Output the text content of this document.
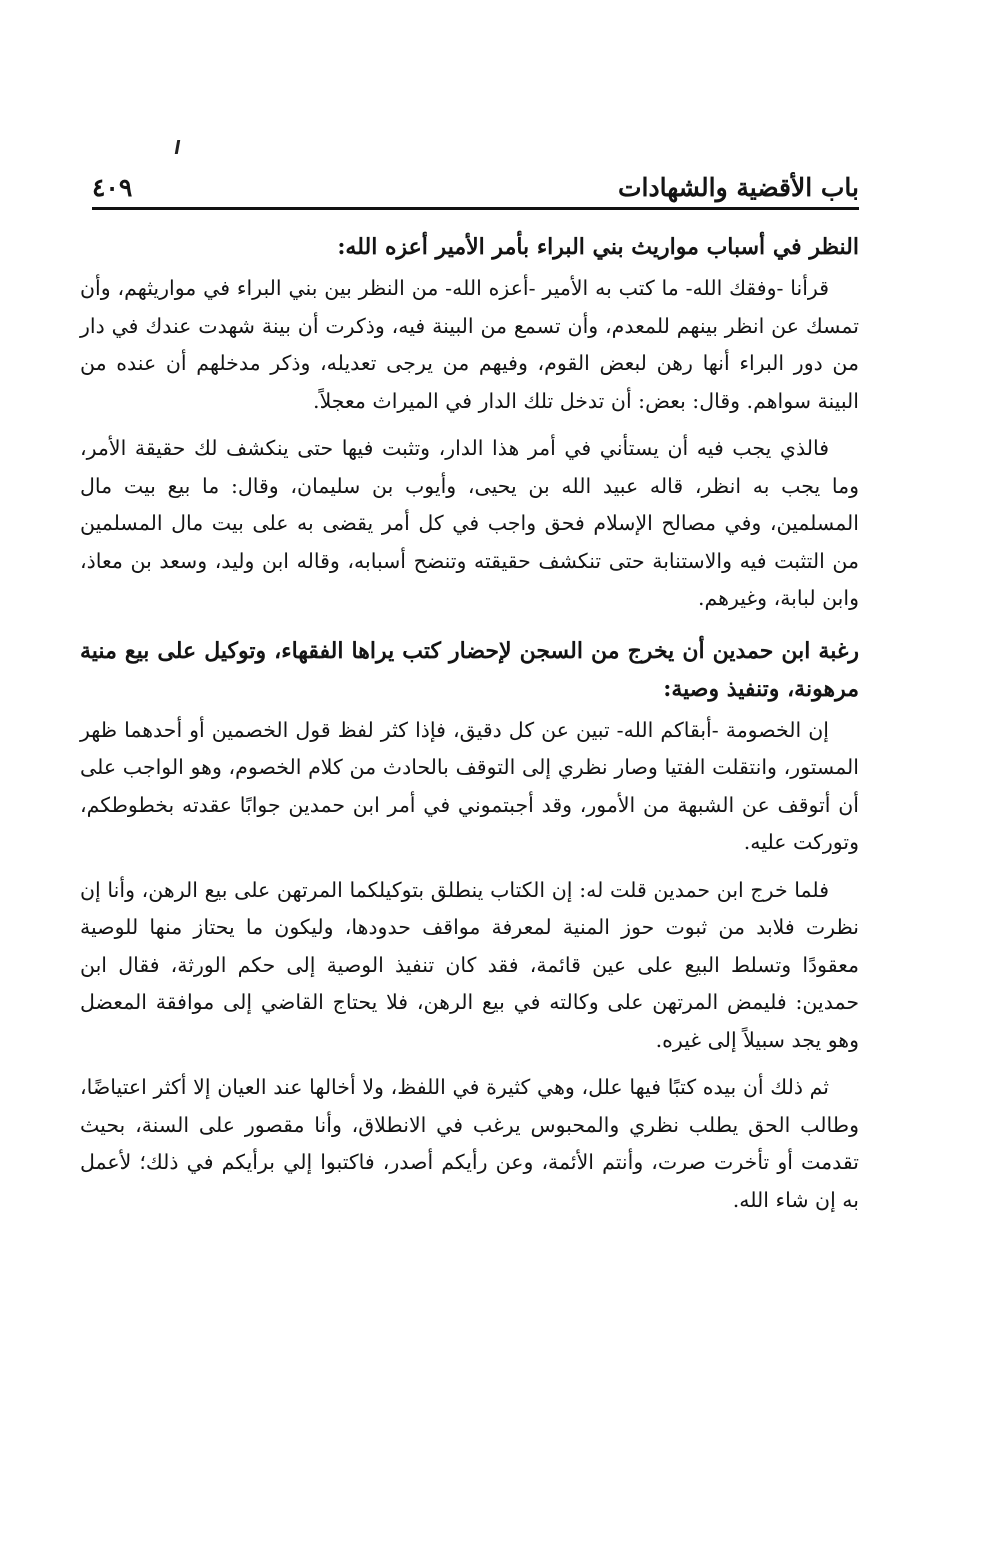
باب الأقضية والشهادات
٤٠٩
النظر في أسباب مواريث بني البراء بأمر الأمير أعزه الله:

قرأنا -وفقك الله- ما كتب به الأمير -أعزه الله- من النظر بين بني البراء في مواريثهم، وأن تمسك عن انظر بينهم للمعدم، وأن تسمع من البينة فيه، وذكرت أن بينة شهدت عندك في دار من دور البراء أنها رهن لبعض القوم، وفيهم من يرجى تعديله، وذكر مدخلهم أن عنده من البينة سواهم. وقال: بعض: أن تدخل تلك الدار في الميراث معجلاً.

فالذي يجب فيه أن يستأني في أمر هذا الدار، وتثبت فيها حتى ينكشف لك حقيقة الأمر، وما يجب به انظر، قاله عبيد الله بن يحيى، وأيوب بن سليمان، وقال: ما بيع بيت مال المسلمين، وفي مصالح الإسلام فحق واجب في كل أمر يقضى به على بيت مال المسلمين من التثبت فيه والاستنابة حتى تنكشف حقيقته وتنضح أسبابه، وقاله ابن وليد، وسعد بن معاذ، وابن لبابة، وغيرهم.

رغبة ابن حمدين أن يخرج من السجن لإحضار كتب يراها الفقهاء، وتوكيل على بيع منية مرهونة، وتنفيذ وصية:

إن الخصومة -أبقاكم الله- تبين عن كل دقيق، فإذا كثر لفظ قول الخصمين أو أحدهما ظهر المستور، وانتقلت الفتيا وصار نظري إلى التوقف بالحادث من كلام الخصوم، وهو الواجب على أن أتوقف عن الشبهة من الأمور، وقد أجبتموني في أمر ابن حمدين جوابًا عقدته بخطوطكم، وتوركت عليه.

فلما خرج ابن حمدين قلت له: إن الكتاب ينطلق بتوكيلكما المرتهن على بيع الرهن، وأنا إن نظرت فلابد من ثبوت حوز المنية لمعرفة مواقف حدودها، وليكون ما يحتاز منها للوصية معقودًا وتسلط البيع على عين قائمة، فقد كان تنفيذ الوصية إلى حكم الورثة، فقال ابن حمدين: فليمض المرتهن على وكالته في بيع الرهن، فلا يحتاج القاضي إلى موافقة المعضل وهو يجد سبيلاً إلى غيره.

ثم ذلك أن بيده كتبًا فيها علل، وهي كثيرة في اللفظ، ولا أخالها عند العيان إلا أكثر اعتياضًا، وطالب الحق يطلب نظري والمحبوس يرغب في الانطلاق، وأنا مقصور على السنة، بحيث تقدمت أو تأخرت صرت، وأنتم الأئمة، وعن رأيكم أصدر، فاكتبوا إلي برأيكم في ذلك؛ لأعمل به إن شاء الله.
